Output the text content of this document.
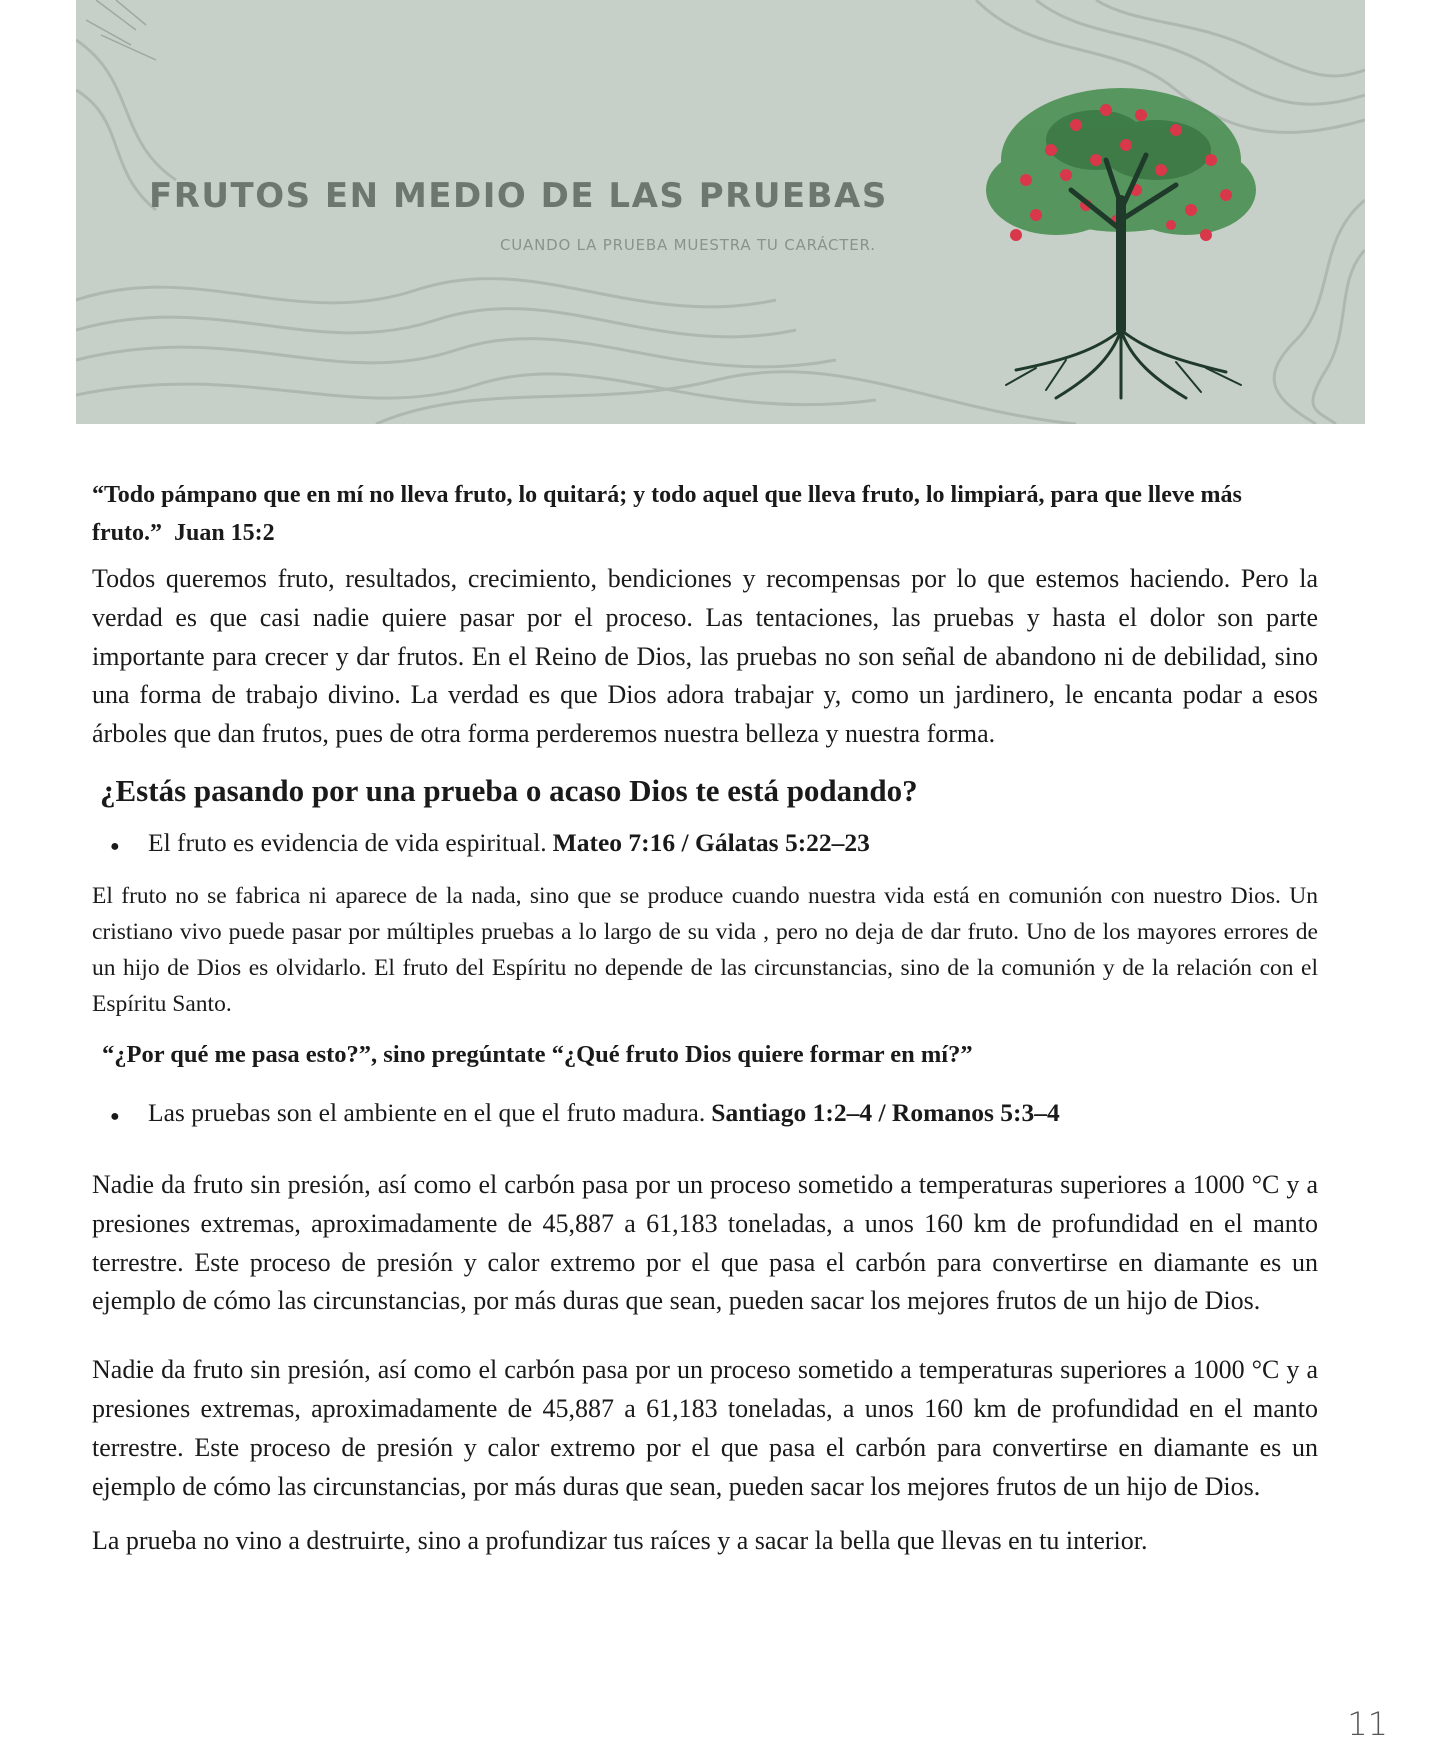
FRUTOS EN MEDIO DE LAS PRUEBAS

CUANDO LA PRUEBA MUESTRA TU CARÁCTER.

“Todo pámpano que en mí no lleva fruto, lo quitará; y todo aquel que lleva fruto, lo limpiará, para que lleve más fruto.” Juan 15:2

Todos queremos fruto, resultados, crecimiento, bendiciones y recompensas por lo que estemos haciendo. Pero la verdad es que casi nadie quiere pasar por el proceso. Las tentaciones, las pruebas y hasta el dolor son parte importante para crecer y dar frutos. En el Reino de Dios, las pruebas no son señal de abandono ni de debilidad, sino una forma de trabajo divino. La verdad es que Dios adora trabajar y, como un jardinero, le encanta podar a esos árboles que dan frutos, pues de otra forma perderemos nuestra belleza y nuestra forma.

¿Estás pasando por una prueba o acaso Dios te está podando?
●	El fruto es evidencia de vida espiritual. Mateo 7:16 / Gálatas 5:22–23

El fruto no se fabrica ni aparece de la nada, sino que se produce cuando nuestra vida está en comunión con nuestro Dios. Un cristiano vivo puede pasar por múltiples pruebas a lo largo de su vida , pero no deja de dar fruto. Uno de los mayores errores de un hijo de Dios es olvidarlo. El fruto del Espíritu no depende de las circunstancias, sino de la comunión y de la relación con el Espíritu Santo.

“¿Por qué me pasa esto?”, sino pregúntate “¿Qué fruto Dios quiere formar en mí?”

●	Las pruebas son el ambiente en el que el fruto madura. Santiago 1:2–4 / Romanos 5:3–4

Nadie da fruto sin presión, así como el carbón pasa por un proceso sometido a temperaturas superiores a 1000 °C y a presiones extremas, aproximadamente de 45,887 a 61,183 toneladas, a unos 160 km de profundidad en el manto terrestre. Este proceso de presión y calor extremo por el que pasa el carbón para convertirse en diamante es un ejemplo de cómo las circunstancias, por más duras que sean, pueden sacar los mejores frutos de un hijo de Dios.

Nadie da fruto sin presión, así como el carbón pasa por un proceso sometido a temperaturas superiores a 1000 °C y a presiones extremas, aproximadamente de 45,887 a 61,183 toneladas, a unos 160 km de profundidad en el manto terrestre. Este proceso de presión y calor extremo por el que pasa el carbón para convertirse en diamante es un ejemplo de cómo las circunstancias, por más duras que sean, pueden sacar los mejores frutos de un hijo de Dios.

La prueba no vino a destruirte, sino a profundizar tus raíces y a sacar la bella que llevas en tu interior.

11
